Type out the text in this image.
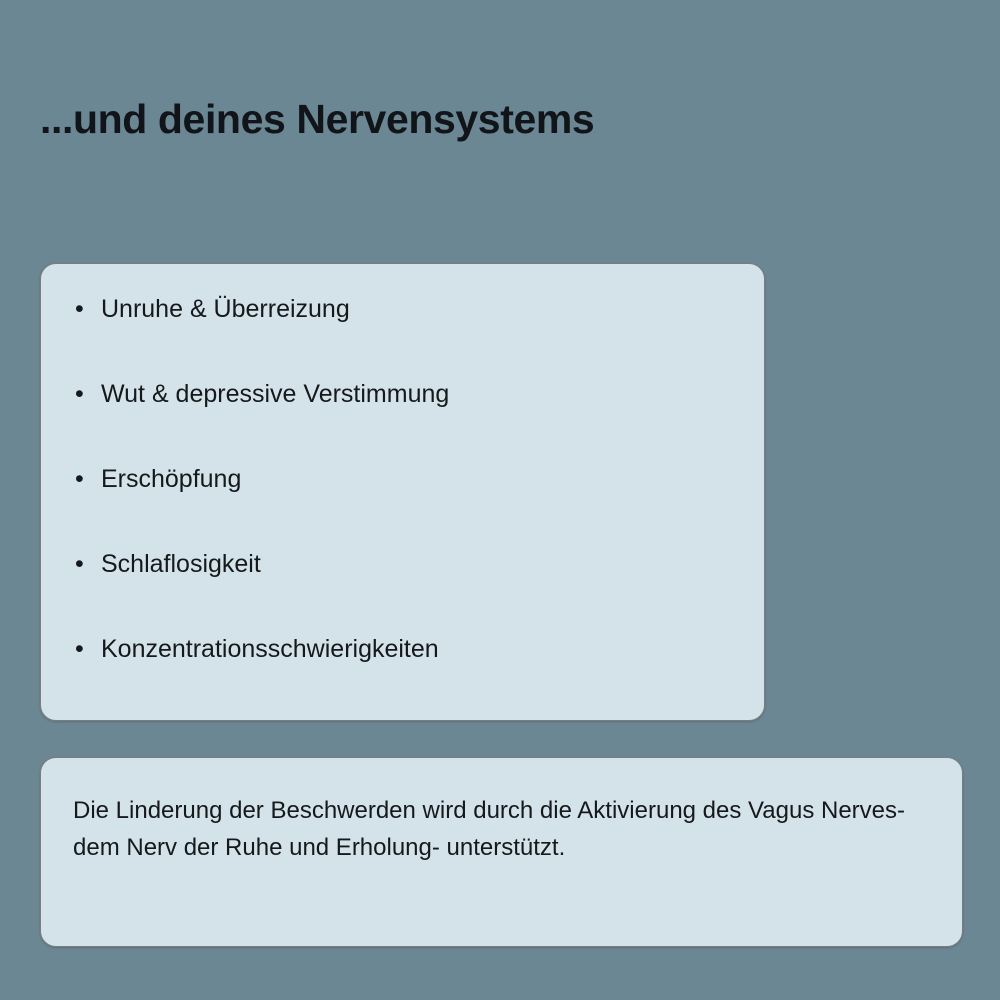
...und deines Nervensystems
• Unruhe & Überreizung
• Wut & depressive Verstimmung
• Erschöpfung
• Schlaflosigkeit
• Konzentrationsschwierigkeiten

Die Linderung der Beschwerden wird durch die Aktivierung des Vagus Nerves- dem Nerv der Ruhe und Erholung- unterstützt.
